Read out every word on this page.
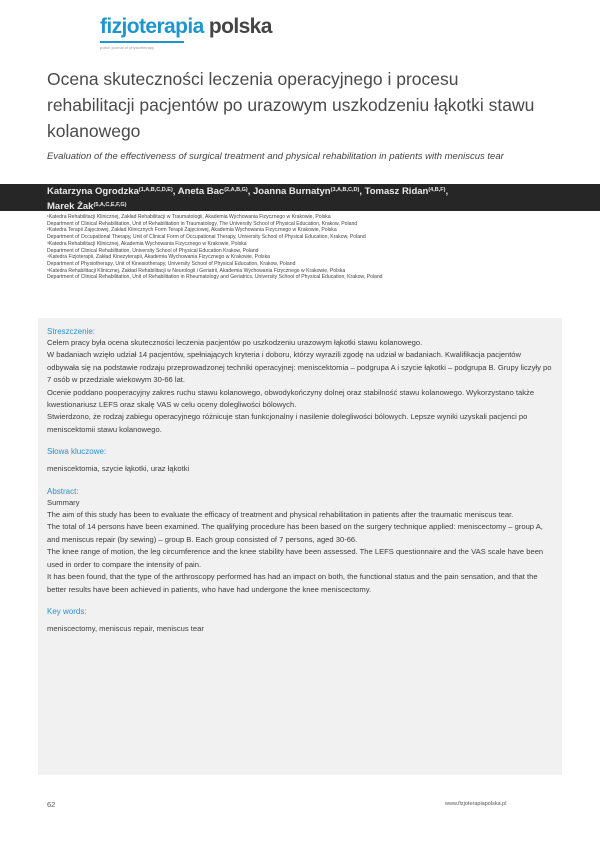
fizjoterapia polska
polish journal of physiotherapy
Ocena skuteczności leczenia operacyjnego i procesu rehabilitacji pacjentów po urazowym uszkodzeniu łąkotki stawu kolanowego
Evaluation of the effectiveness of surgical treatment and physical rehabilitation in patients with meniscus tear
Katarzyna Ogrodzka$^{(1,A,B,C,D,E)}$, Aneta Bac$^{(2,A,B,G)}$, Joanna Burnatyn$^{(3,A,B,C,D)}$, Tomasz Ridan$^{(4,B,F)}$,
Marek Żak$^{(5,A,C,E,F,G)}$
¹Katedra Rehabilitacji Klinicznej, Zakład Rehabilitacji w Traumatologii, Akademia Wychowania Fizycznego w Krakowie, Polska
Department of Clinical Rehabilitation, Unit of Rehabilitation in Traumatology, The University School of Physical Education, Krakow, Poland
²Katedra Terapii Zajęciowej, Zakład Klinicznych Form Terapii Zajęciowej, Akademia Wychowania Fizycznego w Krakowie, Polska
Department of Occupational Therapy, Unit of Clinical Form of Occupational Therapy, University School of Physical Education, Krakow, Poland
³Katedra Rehabilitacji Klinicznej, Akademia Wychowania Fizycznego w Krakowie, Polska
Department of Clinical Rehabilitation, University School of Physical Education Krakow, Poland
⁴Katedra Fizjoterapii, Zakład Kinezyterapii, Akademia Wychowania Fizycznego w Krakowie, Polska
Department of Physiotherapy, Unit of Kinesiotherapy, University School of Physical Education, Krakow, Poland
⁵Katedra Rehabilitacji Klinicznej, Zakład Rehabilitacji w Neurologii i Geriatrii, Akademia Wychowania Fizycznego w Krakowie, Polska
Department of Clinical Rehabilitation, Unit of Rehabilitation in Rheumatology and Geriatrics, University School of Physical Education, Krakow, Poland
Streszczenie:
Celem pracy była ocena skuteczności leczenia pacjentów po uszkodzeniu urazowym łąkotki stawu kolanowego.
W badaniach wzięło udział 14 pacjentów, spełniających kryteria i doboru, którzy wyrazili zgodę na udział w badaniach. Kwalifikacja pacjentów odbywała się na podstawie rodzaju przeprowadzonej techniki operacyjnej: meniscektomia – podgrupa A i szycie łąkotki – podgrupa B. Grupy liczyły po 7 osób w przedziale wiekowym 30-66 lat.
Ocenie poddano pooperacyjny zakres ruchu stawu kolanowego, obwodykończyny dolnej oraz stabilność stawu kolanowego. Wykorzystano także kwestionariusz LEFS oraz skalę VAS w celu oceny dolegliwości bólowych.
Stwierdzono, że rodzaj zabiegu operacyjnego różnicuje stan funkcjonalny i nasilenie dolegliwości bólowych. Lepsze wyniki uzyskali pacjenci po meniscektomii stawu kolanowego.
Słowa kluczowe:
meniscektomia, szycie łąkotki, uraz łąkotki
Abstract:
Summary
The aim of this study has been to evaluate the efficacy of treatment and physical rehabilitation in patients after the traumatic meniscus tear.
The total of 14 persons have been examined. The qualifying procedure has been based on the surgery technique applied: meniscectomy – group A, and meniscus repair (by sewing) – group B. Each group consisted of 7 persons, aged 30-66.
The knee range of motion, the leg circumference and the knee stability have been assessed. The LEFS questionnaire and the VAS scale have been used in order to compare the intensity of pain.
It has been found, that the type of the arthroscopy performed has had an impact on both, the functional status and the pain sensation, and that the better results have been achieved in patients, who have had undergone the knee meniscectomy.
Key words:
meniscectomy, meniscus repair, meniscus tear
62	www.fizjoterapiapolska.pl
